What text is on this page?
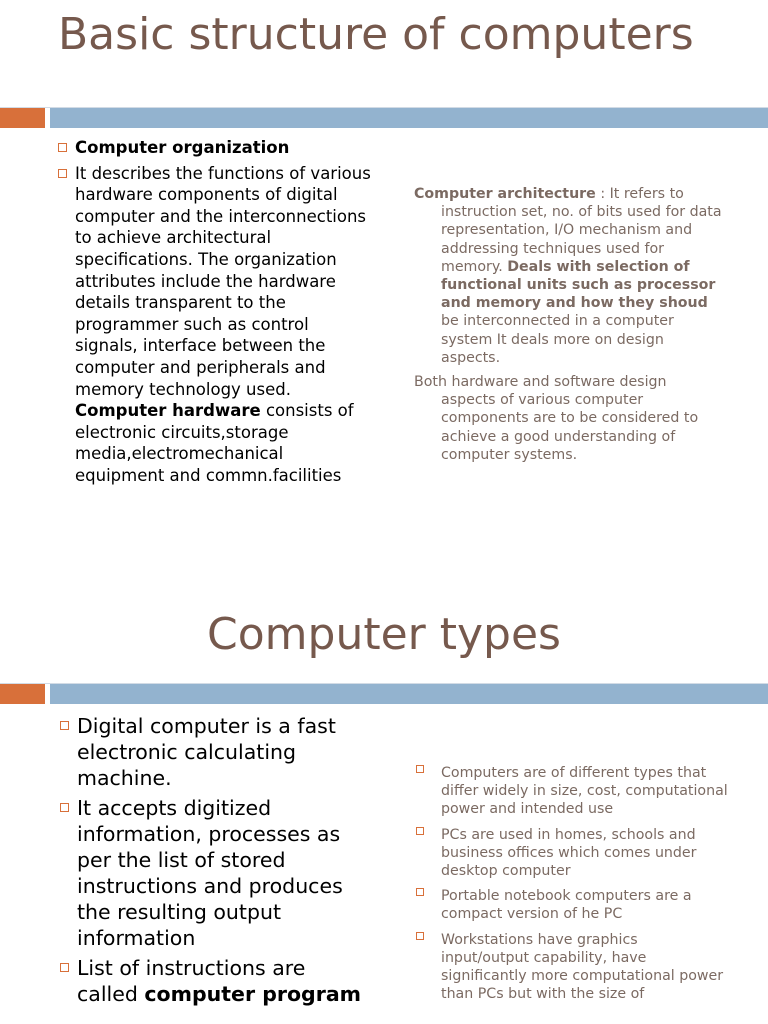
Basic structure of computers
Computer organization
It describes the functions of various hardware components of digital computer and the interconnections to achieve architectural specifications. The organization attributes include the hardware details transparent to the programmer such as control signals, interface between the computer and peripherals and memory technology used. Computer hardware consists of electronic circuits,storage media,electromechanical equipment and commn.facilities

Computer architecture : It refers to instruction set, no. of bits used for data representation, I/O mechanism and addressing techniques used for memory. Deals with selection of functional units such as processor and memory and how they shoud be interconnected in a computer system It deals more on design aspects.

Both hardware and software design aspects of various computer components are to be considered to achieve a good understanding of computer systems.

Computer types
Digital computer is a fast electronic calculating machine.
It accepts digitized information, processes as per the list of stored instructions and produces the resulting output information
List of instructions are called computer program
Computers are of different types that differ widely in size, cost, computational power and intended use
PCs are used in homes, schools and business offices which comes under desktop computer
Portable notebook computers are a compact version of he PC
Workstations have graphics input/output capability, have significantly more computational power than PCs but with the size of
